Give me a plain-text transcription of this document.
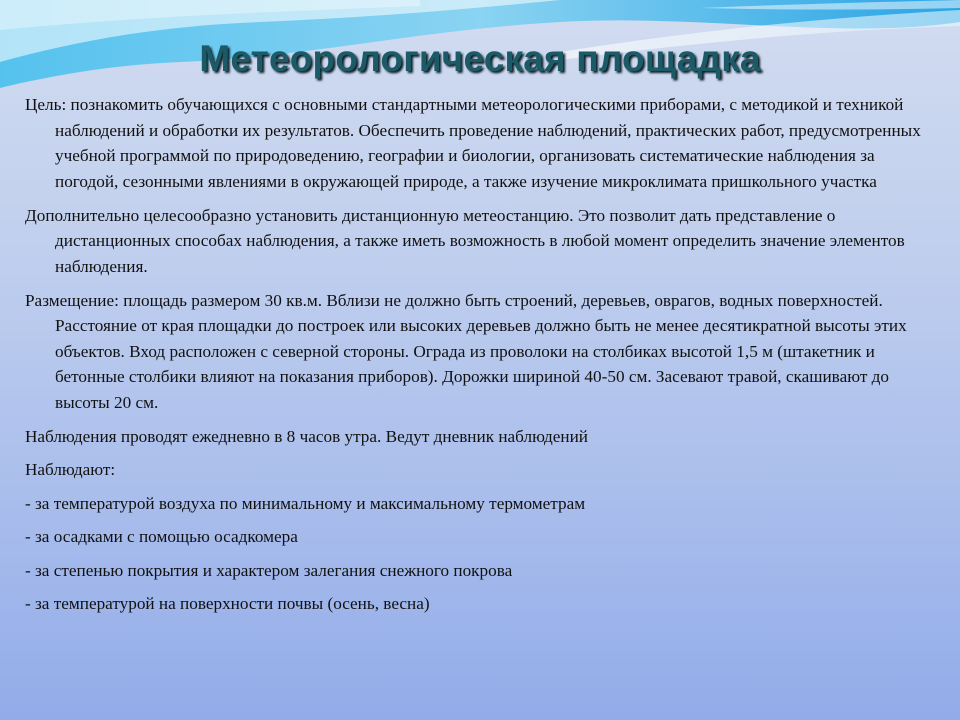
Метеорологическая площадка

Цель: познакомить обучающихся с основными стандартными метеорологическими приборами, с методикой и техникой наблюдений и обработки их результатов. Обеспечить проведение наблюдений, практических работ, предусмотренных учебной программой по природоведению, географии и биологии, организовать систематические наблюдения за погодой, сезонными явлениями в окружающей природе, а также изучение микроклимата пришкольного участка

Дополнительно целесообразно установить дистанционную метеостанцию. Это позволит дать представление о дистанционных способах наблюдения, а также иметь возможность в любой момент определить значение элементов наблюдения.

Размещение: площадь размером 30 кв.м. Вблизи не должно быть строений, деревьев, оврагов, водных поверхностей. Расстояние от края площадки до построек или высоких деревьев должно быть не менее десятикратной высоты этих объектов. Вход расположен с северной стороны. Ограда из проволоки на столбиках высотой 1,5 м (штакетник и бетонные столбики влияют на показания приборов). Дорожки шириной 40-50 см. Засевают травой, скашивают до высоты 20 см.

Наблюдения проводят ежедневно в 8 часов утра. Ведут дневник наблюдений

Наблюдают:

- за температурой воздуха по минимальному и максимальному термометрам

- за осадками с помощью осадкомера

- за степенью покрытия и характером залегания снежного покрова

- за температурой на поверхности почвы (осень, весна)
